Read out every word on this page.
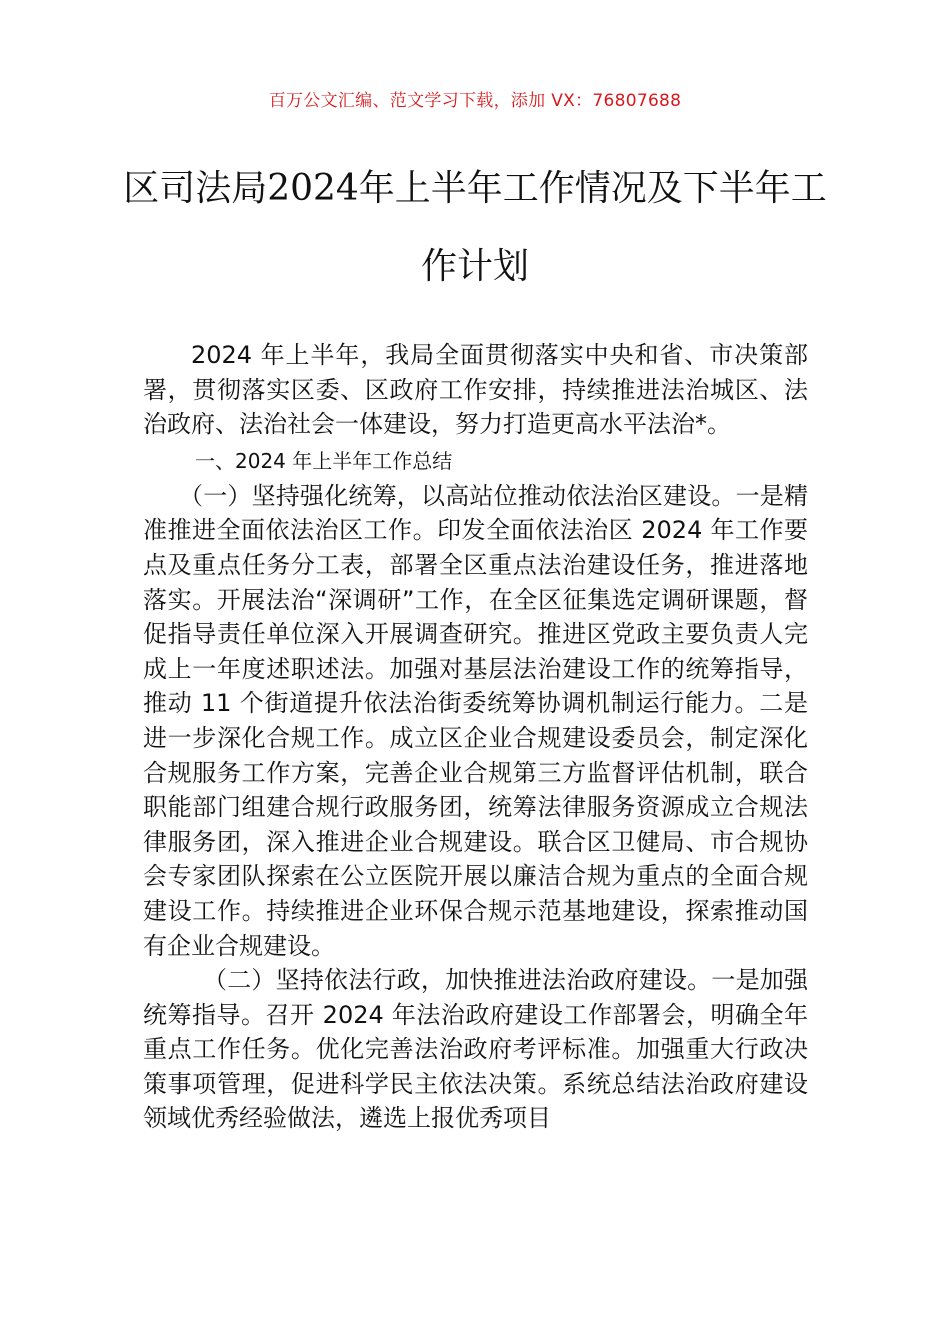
百万公文汇编、范文学习下载，添加 VX：76807688
区司法局2024年上半年工作情况及下半年工作计划

2024 年上半年，我局全面贯彻落实中央和省、市决策部署，贯彻落实区委、区政府工作安排，持续推进法治城区、法治政府、法治社会一体建设，努力打造更高水平法治*。

一、2024 年上半年工作总结

（一）坚持强化统筹，以高站位推动依法治区建设。一是精准推进全面依法治区工作。印发全面依法治区 2024 年工作要点及重点任务分工表，部署全区重点法治建设任务，推进落地落实。开展法治“深调研”工作，在全区征集选定调研课题，督促指导责任单位深入开展调查研究。推进区党政主要负责人完成上一年度述职述法。加强对基层法治建设工作的统筹指导，推动 11 个街道提升依法治街委统筹协调机制运行能力。二是进一步深化合规工作。成立区企业合规建设委员会，制定深化合规服务工作方案，完善企业合规第三方监督评估机制，联合职能部门组建合规行政服务团，统筹法律服务资源成立合规法律服务团，深入推进企业合规建设。联合区卫健局、市合规协会专家团队探索在公立医院开展以廉洁合规为重点的全面合规建设工作。持续推进企业环保合规示范基地建设，探索推动国有企业合规建设。

（二）坚持依法行政，加快推进法治政府建设。一是加强统筹指导。召开 2024 年法治政府建设工作部署会，明确全年重点工作任务。优化完善法治政府考评标准。加强重大行政决策事项管理，促进科学民主依法决策。系统总结法治政府建设领域优秀经验做法，遴选上报优秀项目
